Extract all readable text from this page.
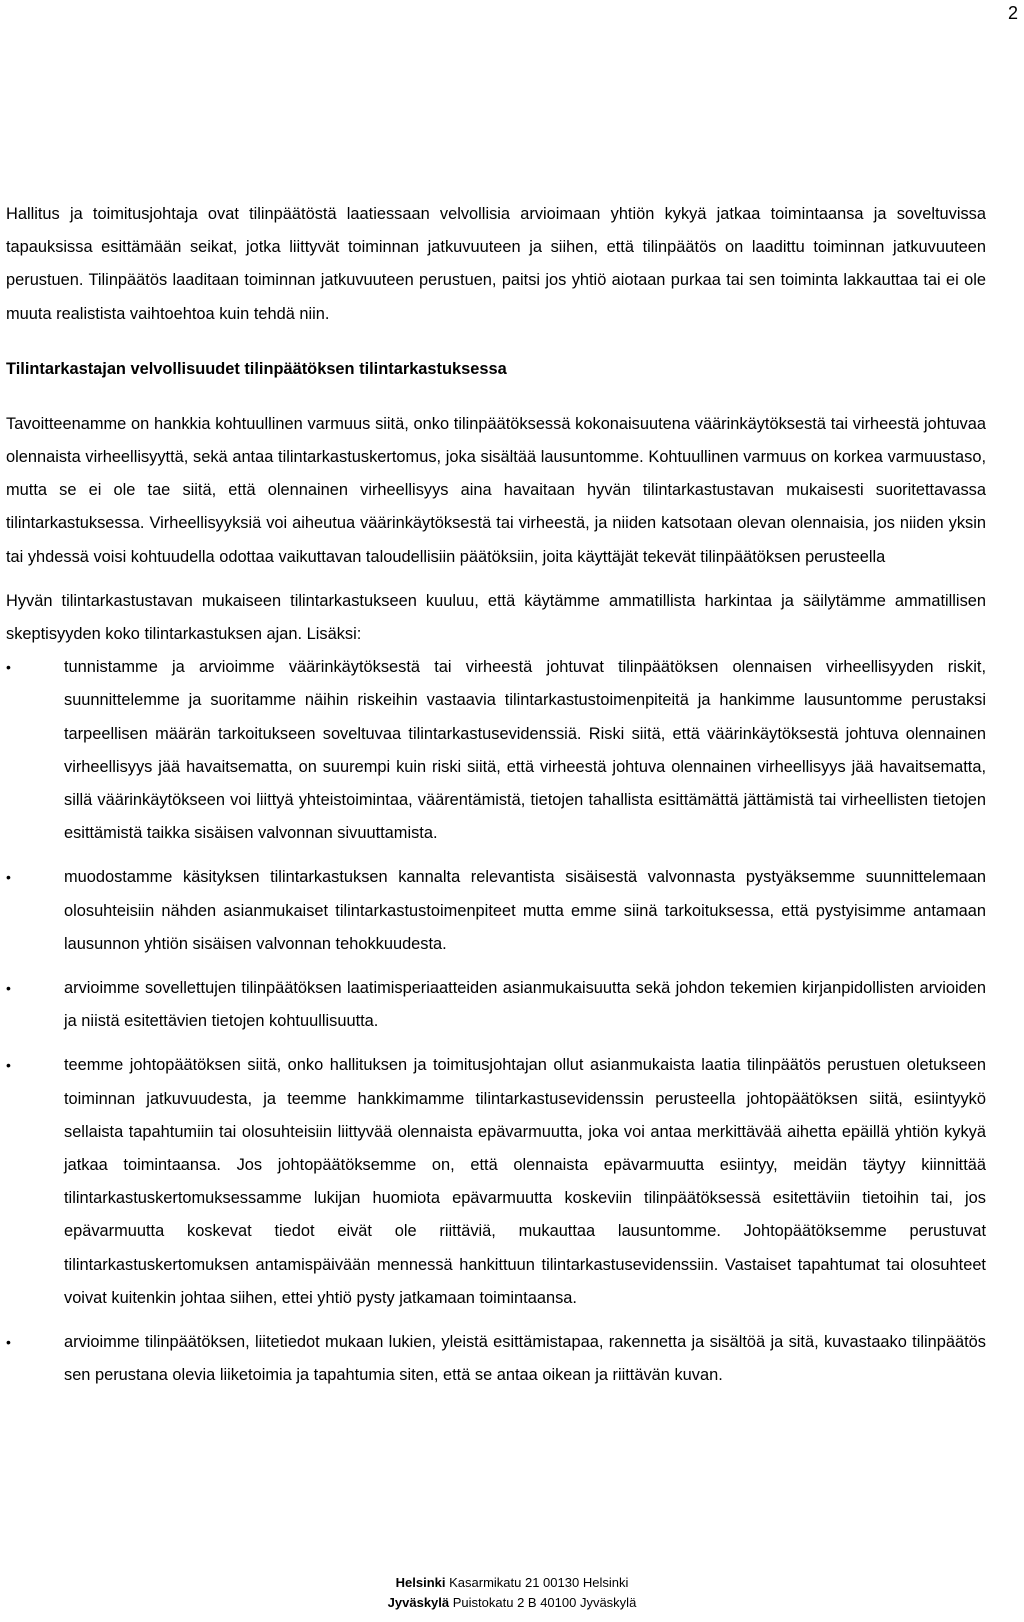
2

Hallitus ja toimitusjohtaja ovat tilinpäätöstä laatiessaan velvollisia arvioimaan yhtiön kykyä jatkaa toimintaansa ja soveltuvissa tapauksissa esittämään seikat, jotka liittyvät toiminnan jatkuvuuteen ja siihen, että tilinpäätös on laadittu toiminnan jatkuvuuteen perustuen. Tilinpäätös laaditaan toiminnan jatkuvuuteen perustuen, paitsi jos yhtiö aiotaan purkaa tai sen toiminta lakkauttaa tai ei ole muuta realistista vaihtoehtoa kuin tehdä niin.

Tilintarkastajan velvollisuudet tilinpäätöksen tilintarkastuksessa

Tavoitteenamme on hankkia kohtuullinen varmuus siitä, onko tilinpäätöksessä kokonaisuutena väärinkäytöksestä tai virheestä johtuvaa olennaista virheellisyyttä, sekä antaa tilintarkastuskertomus, joka sisältää lausuntomme. Kohtuullinen varmuus on korkea varmuustaso, mutta se ei ole tae siitä, että olennainen virheellisyys aina havaitaan hyvän tilintarkastustavan mukaisesti suoritettavassa tilintarkastuksessa. Virheellisyyksiä voi aiheutua väärinkäytöksestä tai virheestä, ja niiden katsotaan olevan olennaisia, jos niiden yksin tai yhdessä voisi kohtuudella odottaa vaikuttavan taloudellisiin päätöksiin, joita käyttäjät tekevät tilinpäätöksen perusteella

Hyvän tilintarkastustavan mukaiseen tilintarkastukseen kuuluu, että käytämme ammatillista harkintaa ja säilytämme ammatillisen skeptisyyden koko tilintarkastuksen ajan. Lisäksi:

•	tunnistamme ja arvioimme väärinkäytöksestä tai virheestä johtuvat tilinpäätöksen olennaisen virheellisyyden riskit, suunnittelemme ja suoritamme näihin riskeihin vastaavia tilintarkastustoimenpiteitä ja hankimme lausuntomme perustaksi tarpeellisen määrän tarkoitukseen soveltuvaa tilintarkastusevidenssiä. Riski siitä, että väärinkäytöksestä johtuva olennainen virheellisyys jää havaitsematta, on suurempi kuin riski siitä, että virheestä johtuva olennainen virheellisyys jää havaitsematta, sillä väärinkäytökseen voi liittyä yhteistoimintaa, väärentämistä, tietojen tahallista esittämättä jättämistä tai virheellisten tietojen esittämistä taikka sisäisen valvonnan sivuuttamista.
•	muodostamme käsityksen tilintarkastuksen kannalta relevantista sisäisestä valvonnasta pystyäksemme suunnittelemaan olosuhteisiin nähden asianmukaiset tilintarkastustoimenpiteet mutta emme siinä tarkoituksessa, että pystyisimme antamaan lausunnon yhtiön sisäisen valvonnan tehokkuudesta.
•	arvioimme sovellettujen tilinpäätöksen laatimisperiaatteiden asianmukaisuutta sekä johdon tekemien kirjanpidollisten arvioiden ja niistä esitettävien tietojen kohtuullisuutta.
•	teemme johtopäätöksen siitä, onko hallituksen ja toimitusjohtajan ollut asianmukaista laatia tilinpäätös perustuen oletukseen toiminnan jatkuvuudesta, ja teemme hankkimamme tilintarkastusevidenssin perusteella johtopäätöksen siitä, esiintyykö sellaista tapahtumiin tai olosuhteisiin liittyvää olennaista epävarmuutta, joka voi antaa merkittävää aihetta epäillä yhtiön kykyä jatkaa toimintaansa. Jos johtopäätöksemme on, että olennaista epävarmuutta esiintyy, meidän täytyy kiinnittää tilintarkastuskertomuksessamme lukijan huomiota epävarmuutta koskeviin tilinpäätöksessä esitettäviin tietoihin tai, jos epävarmuutta koskevat tiedot eivät ole riittäviä, mukauttaa lausuntomme. Johtopäätöksemme perustuvat tilintarkastuskertomuksen antamispäivään mennessä hankittuun tilintarkastusevidenssiin. Vastaiset tapahtumat tai olosuhteet voivat kuitenkin johtaa siihen, ettei yhtiö pysty jatkamaan toimintaansa.
•	arvioimme tilinpäätöksen, liitetiedot mukaan lukien, yleistä esittämistapaa, rakennetta ja sisältöä ja sitä, kuvastaako tilinpäätös sen perustana olevia liiketoimia ja tapahtumia siten, että se antaa oikean ja riittävän kuvan.
Helsinki Kasarmikatu 21 00130 Helsinki
Jyväskylä Puistokatu 2 B 40100 Jyväskylä
